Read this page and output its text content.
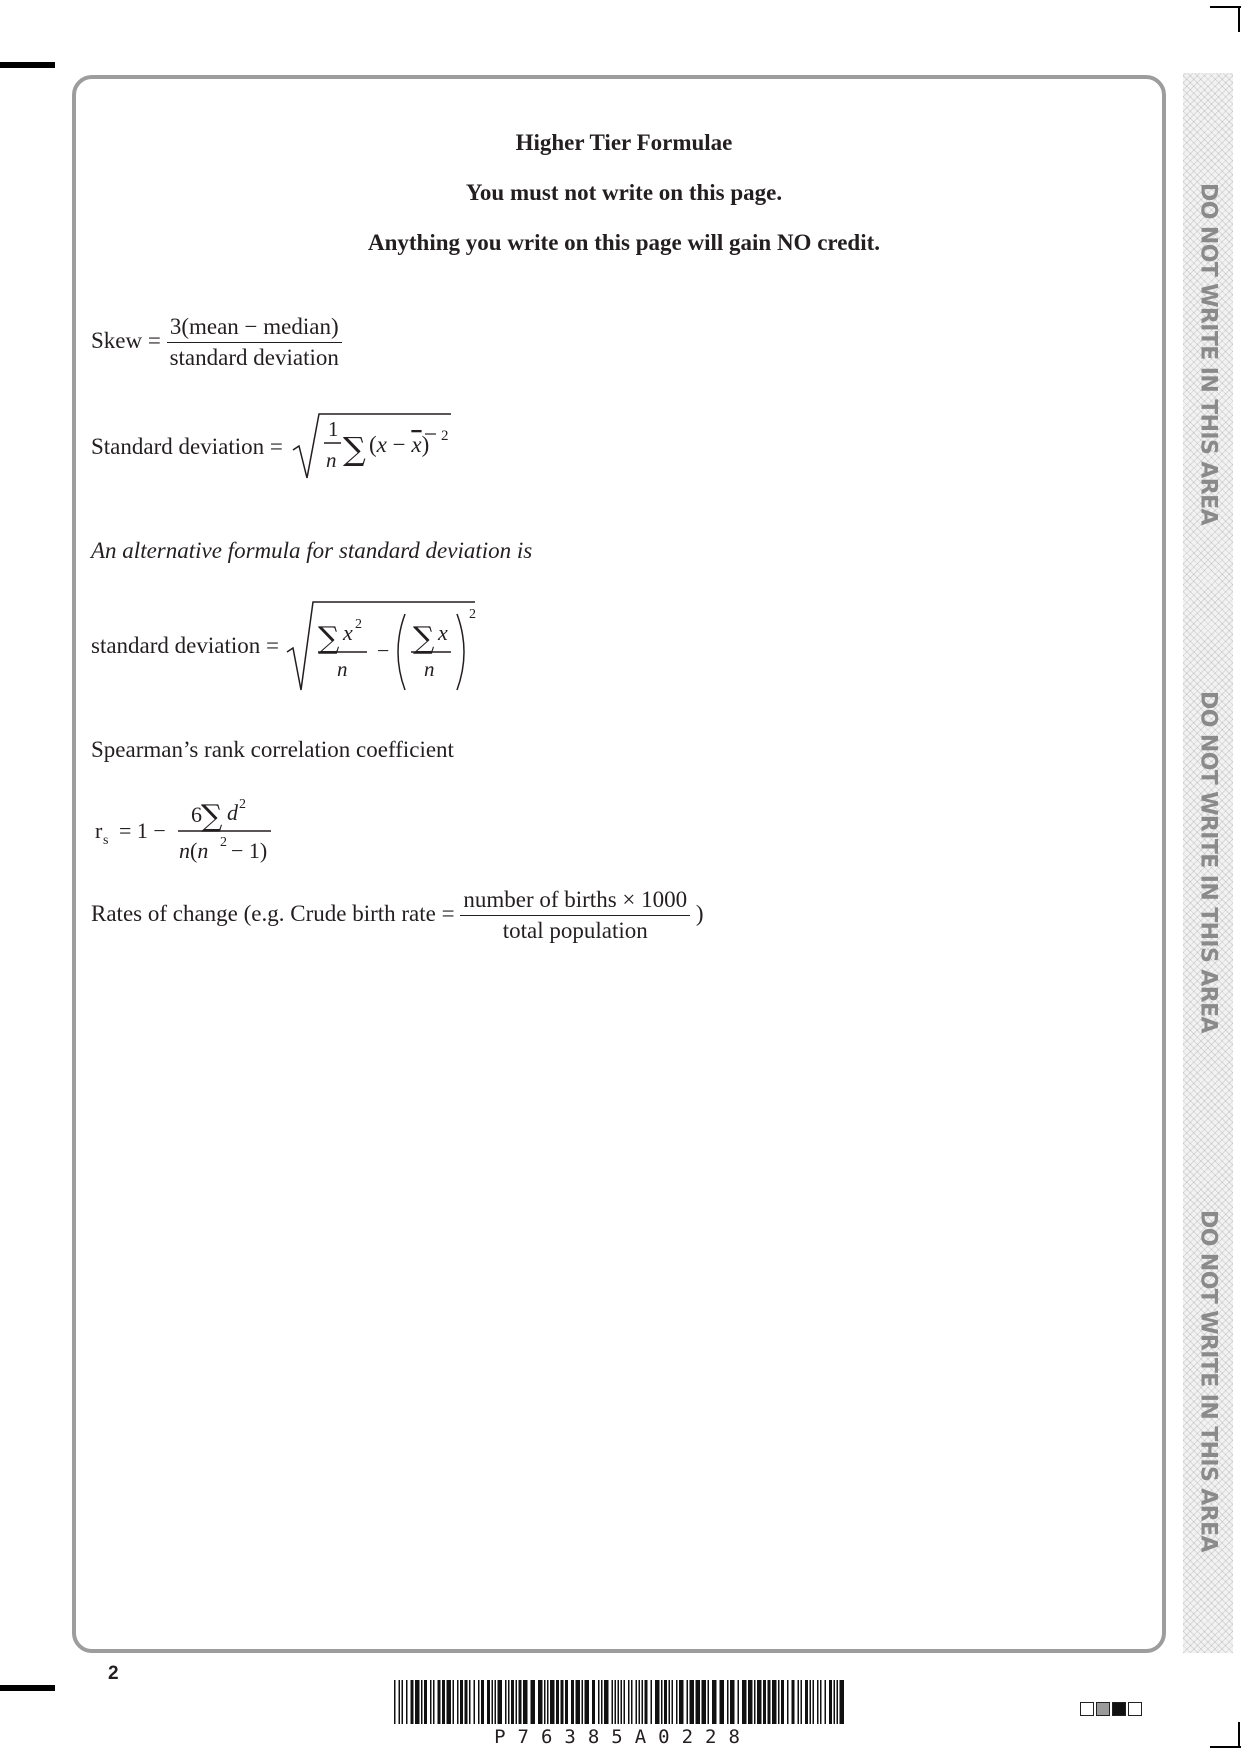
DO NOT WRITE IN THIS AREA
DO NOT WRITE IN THIS AREA
DO NOT WRITE IN THIS AREA
Higher Tier Formulae
You must not write on this page.
Anything you write on this page will gain NO credit.
Skew = $\frac{\text{3(mean − median)}}{\text{standard deviation}}$
Standard deviation =
1
n ∑ (x − x) 2
An alternative formula for standard deviation is
standard deviation = ∑ x 2
n
− ∑ x
n
2
Spearman’s rank correlation coefficient
r s = 1 −
6 ∑ d 2
n(n 2 − 1)
Rates of change (e.g. Crude birth rate = $\frac{\text{number of births × 1000}}{\text{total population}}$ )
2
P76385A0228
